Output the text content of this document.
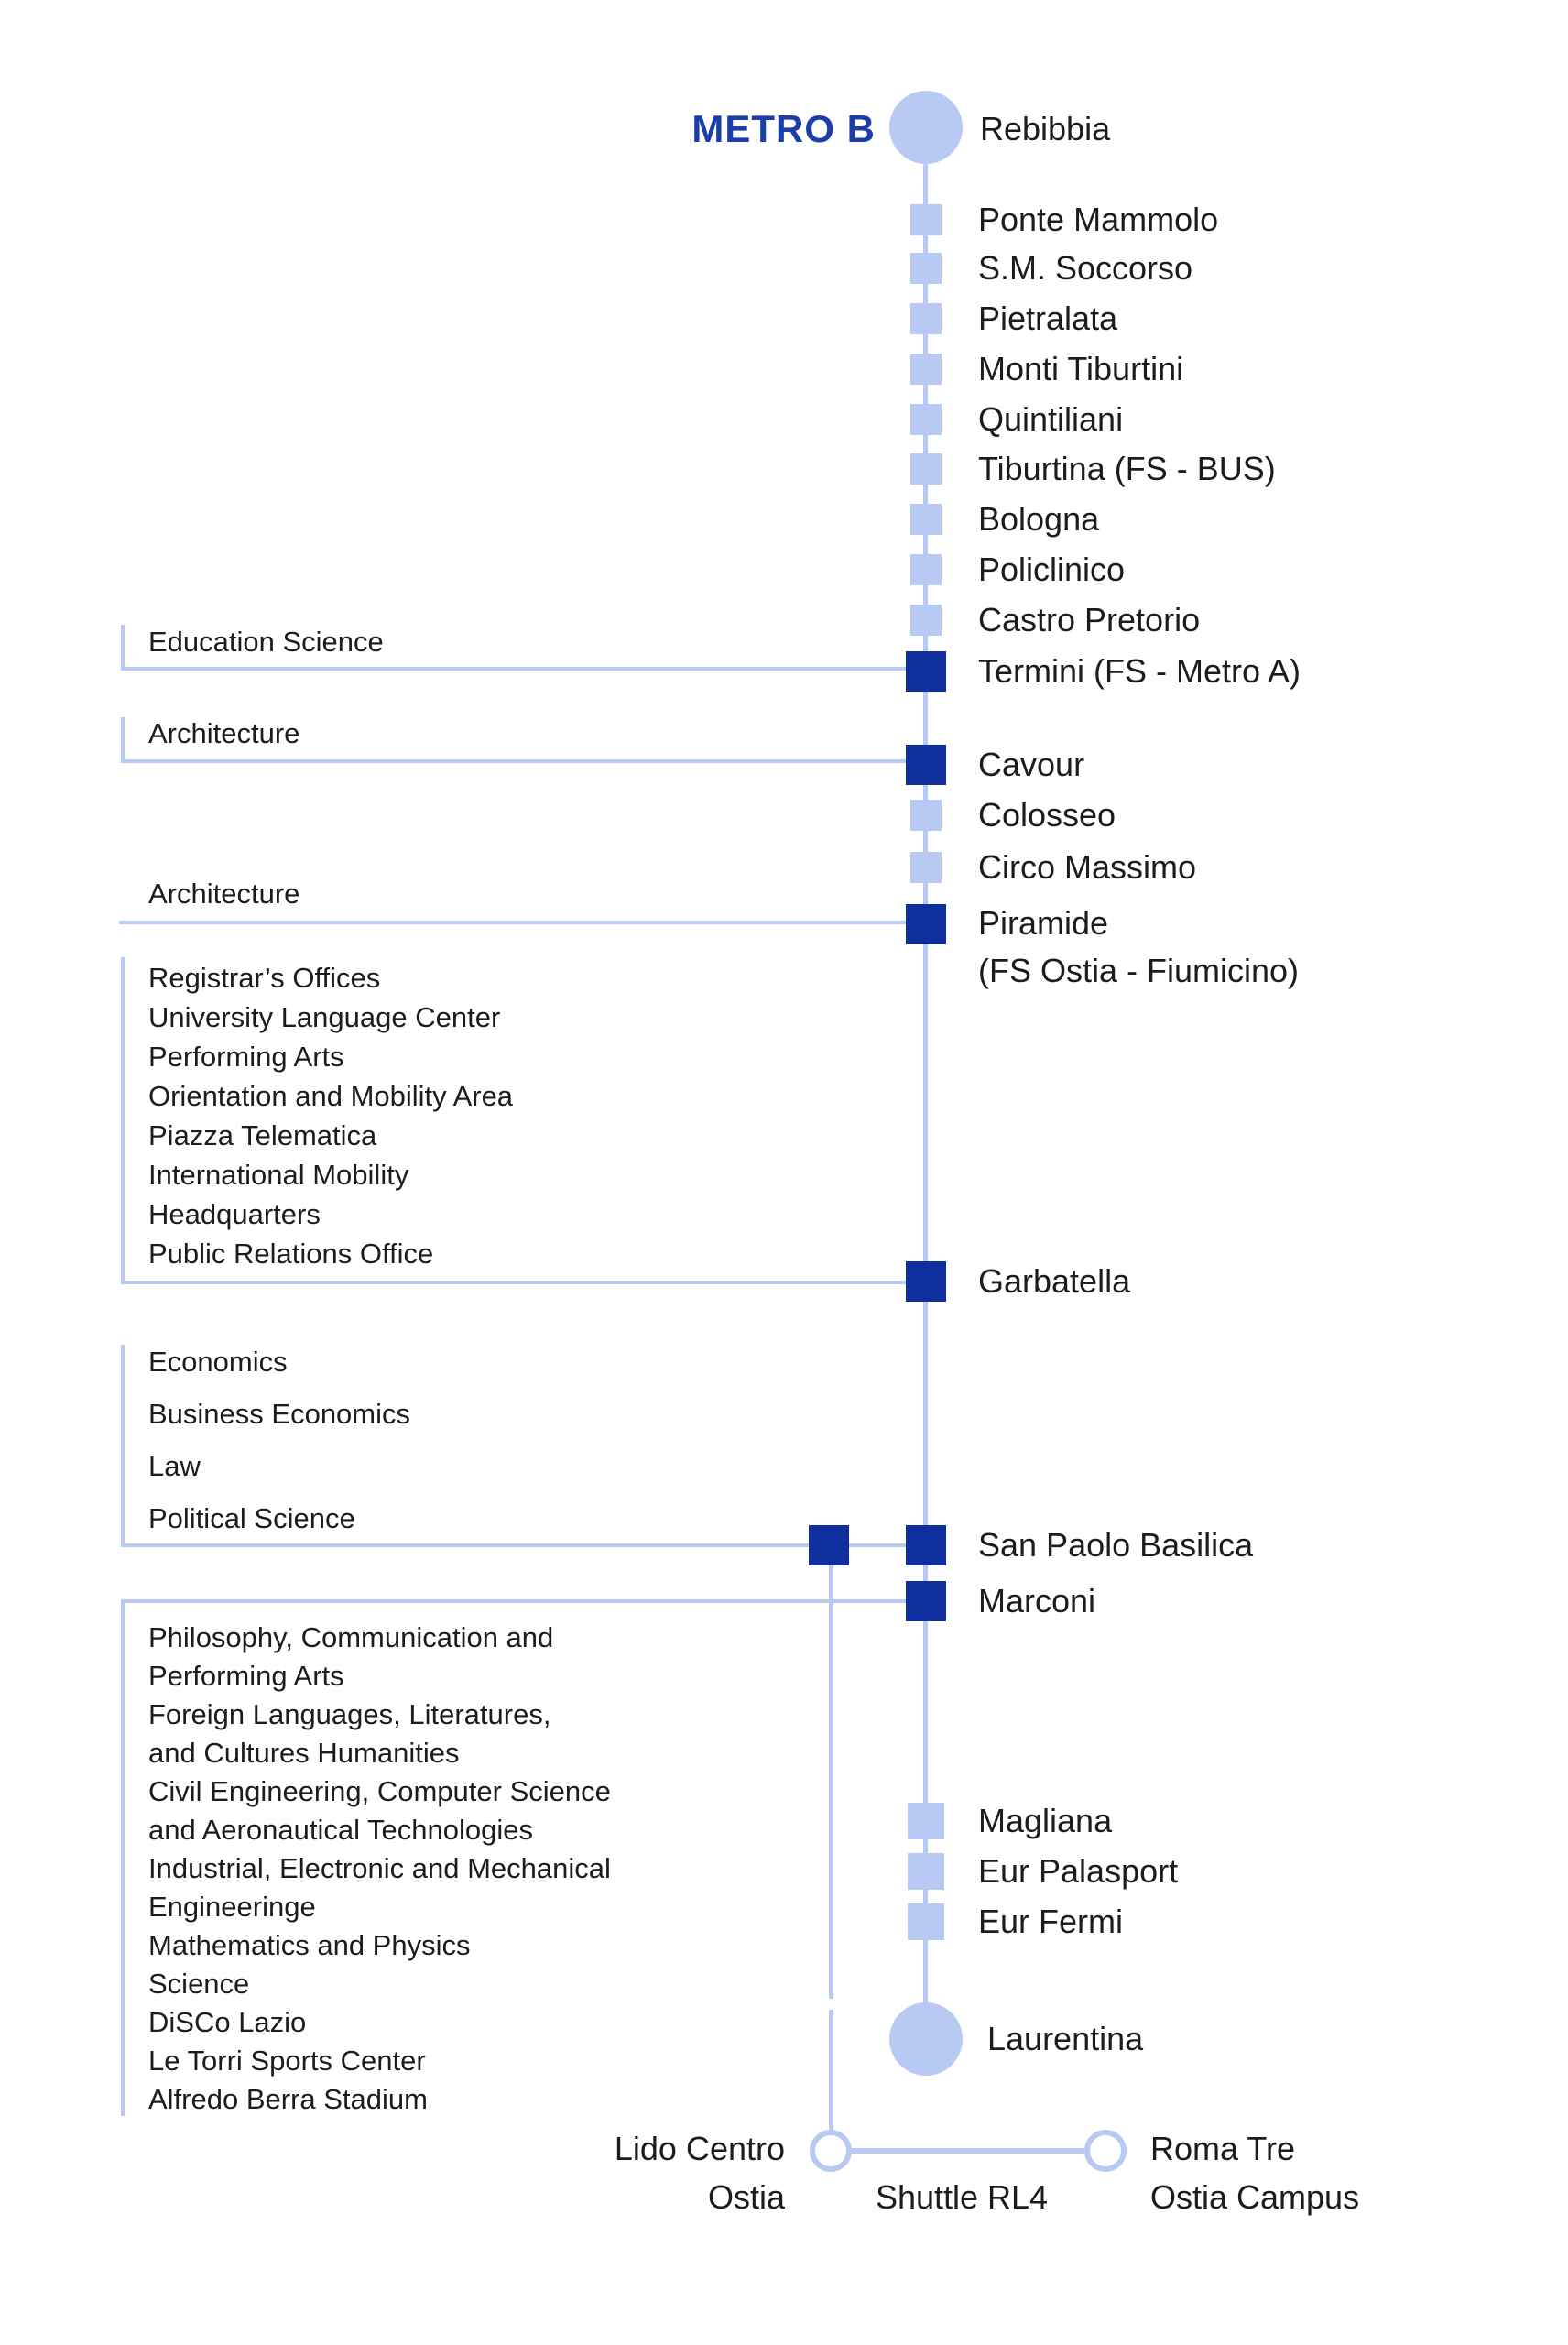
METRO B	Rebibbia
Ponte Mammolo
S.M. Soccorso
Pietralata
Monti Tiburtini
Quintiliani
Tiburtina (FS - BUS)
Bologna
Policlinico
Castro Pretorio
Termini (FS - Metro A)
Cavour
Colosseo
Circo Massimo
Piramide
(FS Ostia - Fiumicino)
Garbatella
San Paolo Basilica
Marconi
Magliana
Eur Palasport
Eur Fermi
Laurentina
Education Science
Architecture
Architecture
Registrar’s Offices
University Language Center
Performing Arts
Orientation and Mobility Area
Piazza Telematica
International Mobility
Headquarters
Public Relations Office
Economics
Business Economics
Law
Political Science
Philosophy, Communication and
Performing Arts
Foreign Languages, Literatures,
and Cultures Humanities
Civil Engineering, Computer Science
and Aeronautical Technologies
Industrial, Electronic and Mechanical
Engineeringe
Mathematics and Physics
Science
DiSCo Lazio
Le Torri Sports Center
Alfredo Berra Stadium
Lido Centro
Ostia	Shuttle RL4
Roma Tre
Ostia Campus
